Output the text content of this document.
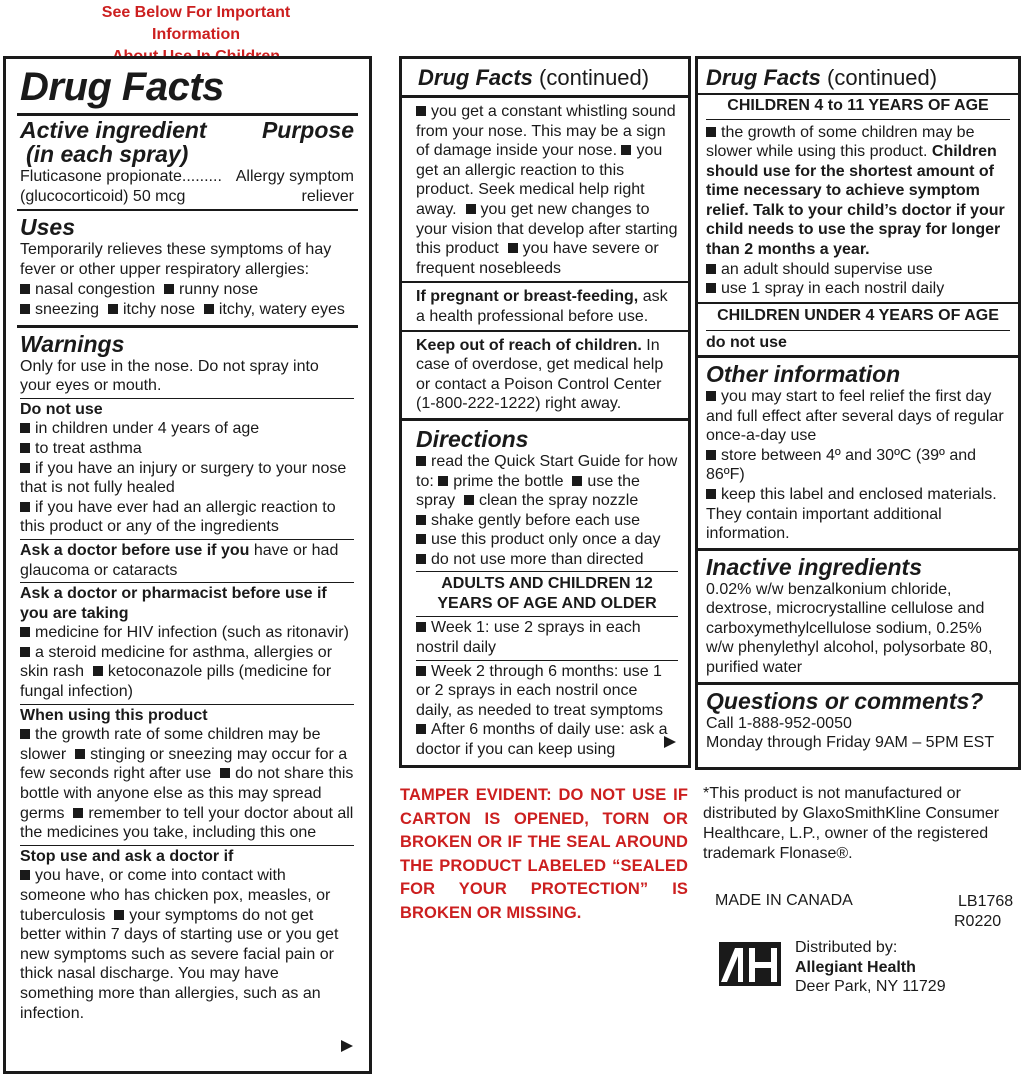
See Below For Important Information
Drug Facts
Active ingredient Purpose
(in each spray)
Fluticasone propionate......... Allergy symptom
(glucocorticoid) 50 mcg	reliever
Uses
Temporarily relieves these symptoms of hay fever or other upper respiratory allergies:
nasal congestion runny nose
sneezing itchy nose itchy, watery eyes
Warnings
Only for use in the nose. Do not spray into your eyes or mouth.
Do not use
in children under 4 years of age
to treat asthma
if you have an injury or surgery to your nose that is not fully healed
if you have ever had an allergic reaction to this product or any of the ingredients
Ask a doctor before use if you have or had glaucoma or cataracts
Ask a doctor or pharmacist before use if you are taking
medicine for HIV infection (such as ritonavir)  a steroid medicine for asthma, allergies or skin rash ketoconazole pills (medicine for fungal infection)
When using this product
the growth rate of some children may be slower stinging or sneezing may occur for a few seconds right after use do not share this bottle with anyone else as this may spread germs remember to tell your doctor about all the medicines you take, including this one
Stop use and ask a doctor if
you have, or come into contact with someone who has chicken pox, measles, or tuberculosis your symptoms do not get better within 7 days of starting use or you get new symptoms such as severe facial pain or thick nasal discharge. You may have something more than allergies, such as an infection.
Drug Facts (continued)
you get a constant whistling sound from your nose. This may be a sign of damage inside your nose. you get an allergic reaction to this product. Seek medical help right away. you get new changes to your vision that develop after starting this product you have severe or frequent nosebleeds
If pregnant or breast-feeding, ask a health professional before use.
Keep out of reach of children. In case of overdose, get medical help or contact a Poison Control Center (1-800-222-1222) right away.
Directions
read the Quick Start Guide for how to: prime the bottle use the spray clean the spray nozzle
shake gently before each use
use this product only once a day
do not use more than directed
ADULTS AND CHILDREN 12 YEARS OF AGE AND OLDER
Week 1: use 2 sprays in each nostril daily
Week 2 through 6 months: use 1 or 2 sprays in each nostril once daily, as needed to treat symptoms
After 6 months of daily use: ask a doctor if you can keep using
TAMPER EVIDENT: DO NOT USE IF CARTON IS OPENED, TORN OR BROKEN OR IF THE SEAL AROUND THE PRODUCT LABELED “SEALED FOR YOUR PROTECTION” IS BROKEN OR MISSING.
Drug Facts (continued)
CHILDREN 4 to 11 YEARS OF AGE
the growth of some children may be slower while using this product. Children should use for the shortest amount of time necessary to achieve symptom relief. Talk to your child’s doctor if your child needs to use the spray for longer than 2 months a year.
an adult should supervise use
use 1 spray in each nostril daily
CHILDREN UNDER 4 YEARS OF AGE
do not use
Other information
you may start to feel relief the first day and full effect after several days of regular once-a-day use
store between 4º and 30ºC (39º and 86ºF)
keep this label and enclosed materials. They contain important additional information.
Inactive ingredients
0.02% w/w benzalkonium chloride, dextrose, microcrystalline cellulose and carboxymethylcellulose sodium, 0.25% w/w phenylethyl alcohol, polysorbate 80, purified water
Questions or comments?
Call 1-888-952-0050
Monday through Friday 9AM – 5PM EST
*This product is not manufactured or distributed by GlaxoSmithKline Consumer Healthcare, L.P., owner of the registered trademark Flonase®.
MADE IN CANADA	LB1768
R0220
Distributed by:
Allegiant Health
Deer Park, NY 11729
